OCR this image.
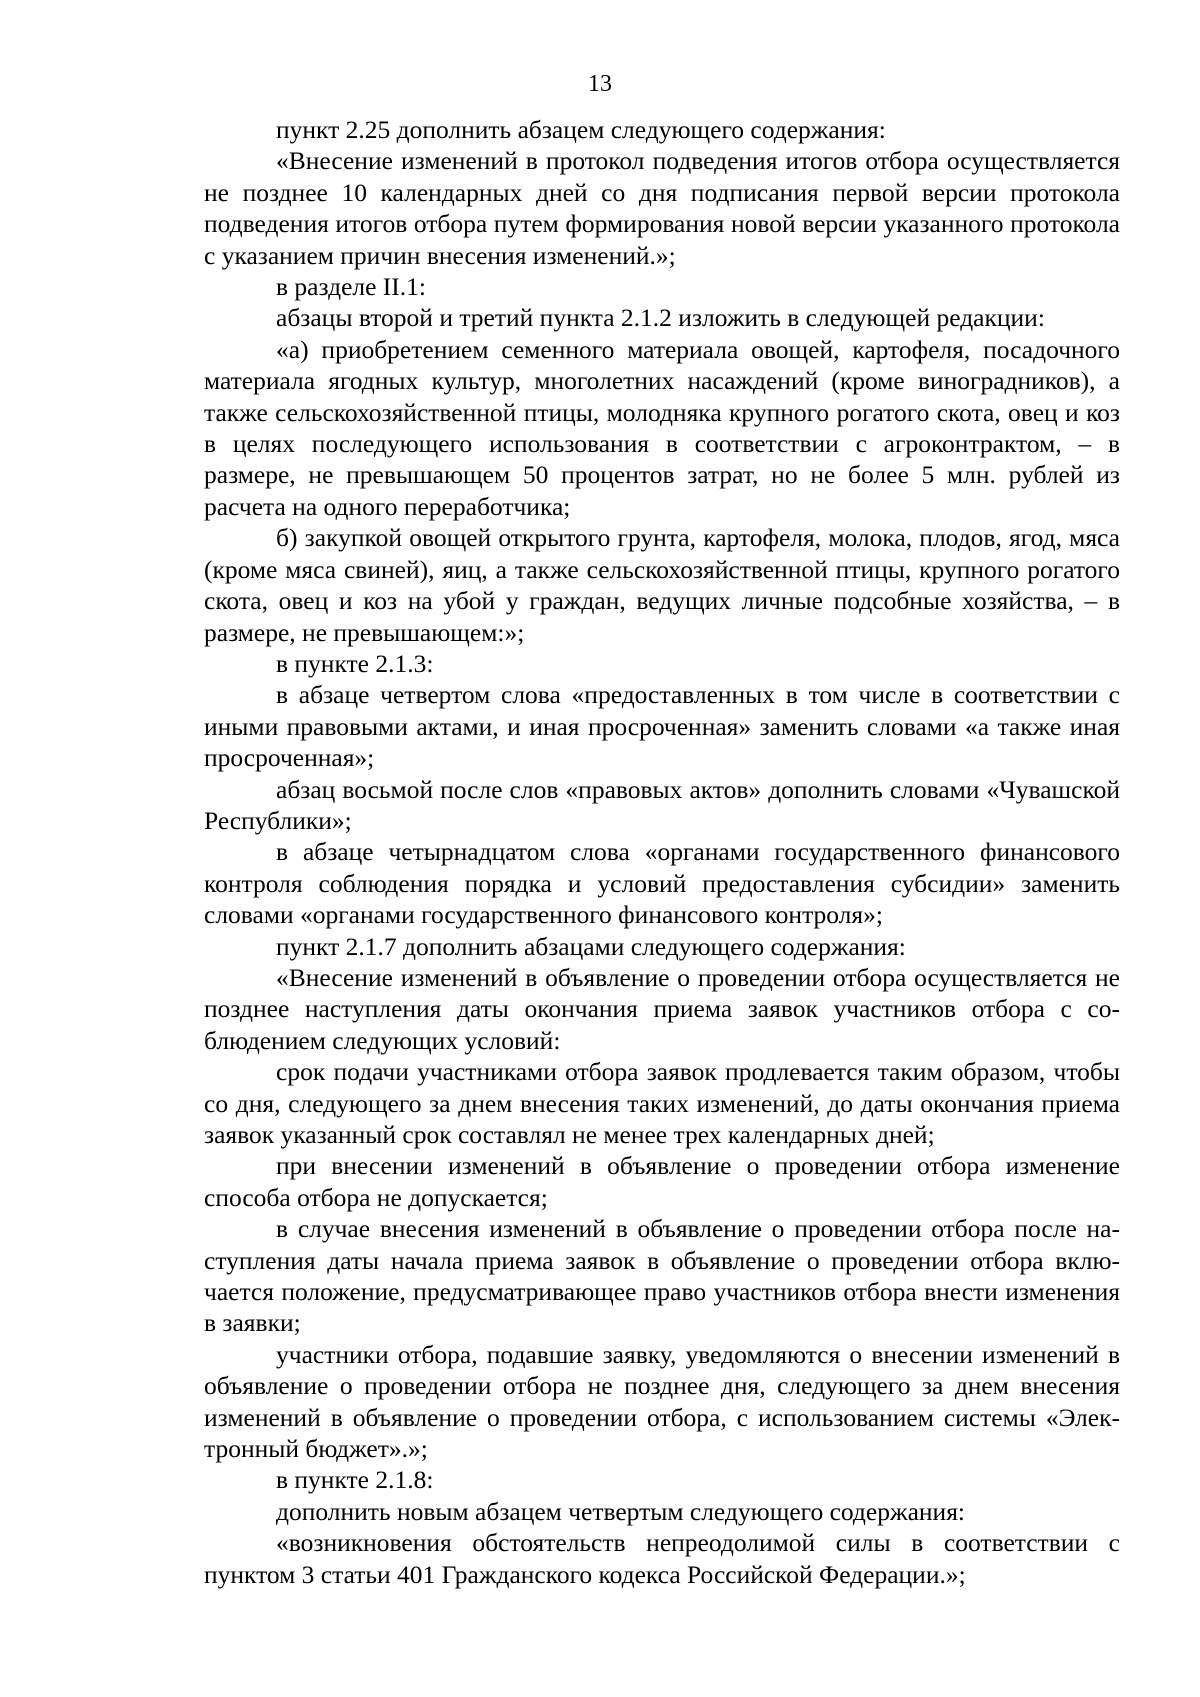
13

пункт 2.25 дополнить абзацем следующего содержания:

«Внесение изменений в протокол подведения итогов отбора осуществляется не позднее 10 календарных дней со дня подписания первой версии протокола подведения итогов отбора путем формирования новой версии указанного протокола с указанием причин внесения изменений.»;

в разделе II.1:

абзацы второй и третий пункта 2.1.2 изложить в следующей редакции:

«а) приобретением семенного материала овощей, картофеля, посадочного материала ягодных культур, многолетних насаждений (кроме виноградников), а также сельскохозяйственной птицы, молодняка крупного рогатого скота, овец и коз в целях последующего использования в соответствии с агроконтрактом, – в размере, не превышающем 50 процентов затрат, но не более 5 млн. рублей из расчета на одного переработчика;

б) закупкой овощей открытого грунта, картофеля, молока, плодов, ягод, мяса (кроме мяса свиней), яиц, а также сельскохозяйственной птицы, крупного рогатого скота, овец и коз на убой у граждан, ведущих личные подсобные хозяйства, – в размере, не превышающем:»;

в пункте 2.1.3:

в абзаце четвертом слова «предоставленных в том числе в соответствии с иными правовыми актами, и иная просроченная» заменить словами «а также иная просроченная»;

абзац восьмой после слов «правовых актов» дополнить словами «Чувашской Республики»;

в абзаце четырнадцатом слова «органами государственного финансового контроля соблюдения порядка и условий предоставления субсидии» заменить словами «органами государственного финансового контроля»;

пункт 2.1.7 дополнить абзацами следующего содержания:

«Внесение изменений в объявление о проведении отбора осуществляется не позднее наступления даты окончания приема заявок участников отбора с соблюдением следующих условий:

срок подачи участниками отбора заявок продлевается таким образом, чтобы со дня, следующего за днем внесения таких изменений, до даты окончания приема заявок указанный срок составлял не менее трех календарных дней;

при внесении изменений в объявление о проведении отбора изменение способа отбора не допускается;

в случае внесения изменений в объявление о проведении отбора после наступления даты начала приема заявок в объявление о проведении отбора включается положение, предусматривающее право участников отбора внести изменения в заявки;

участники отбора, подавшие заявку, уведомляются о внесении изменений в объявление о проведении отбора не позднее дня, следующего за днем внесения изменений в объявление о проведении отбора, с использованием системы «Электронный бюджет».»;

в пункте 2.1.8:

дополнить новым абзацем четвертым следующего содержания:

«возникновения обстоятельств непреодолимой силы в соответствии с пунктом 3 статьи 401 Гражданского кодекса Российской Федерации.»;
